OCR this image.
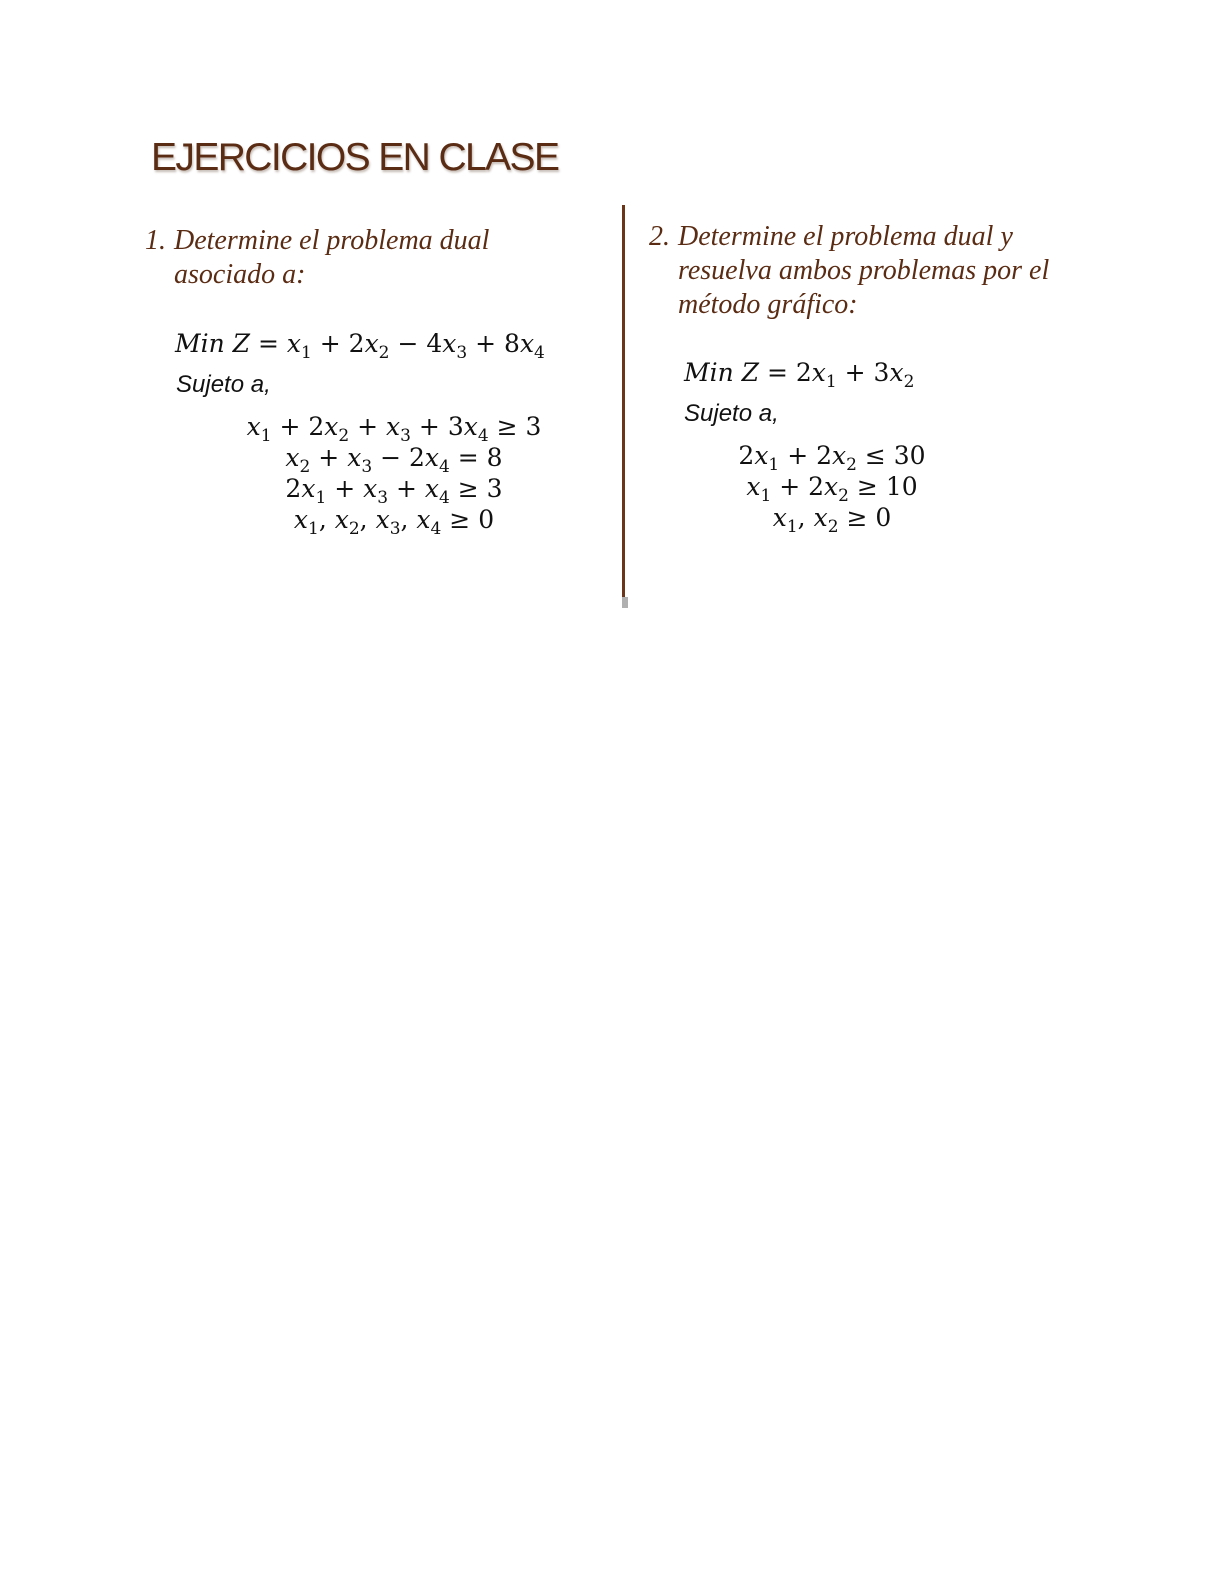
EJERCICIOS EN CLASE
1. Determine el problema dual asociado a:
Min $Z = x_1 + 2x_2 - 4x_3 + 8x_4$
Sujeto a,
$x_1 + 2x_2 + x_3 + 3x_4 \ge 3$
$x_2 + x_3 - 2x_4 = 8$
$2x_1 + x_3 + x_4 \ge 3$
$x_1$, $x_2$, $x_3$, $x_4 \ge 0$
2. Determine el problema dual y resuelva ambos problemas por el método gráfico:
Min $Z = 2x_1 + 3x_2$
Sujeto a,
$2x_1 + 2x_2 \le 30$
$x_1 + 2x_2 \ge 10$
$x_1$, $x_2 \ge 0$
